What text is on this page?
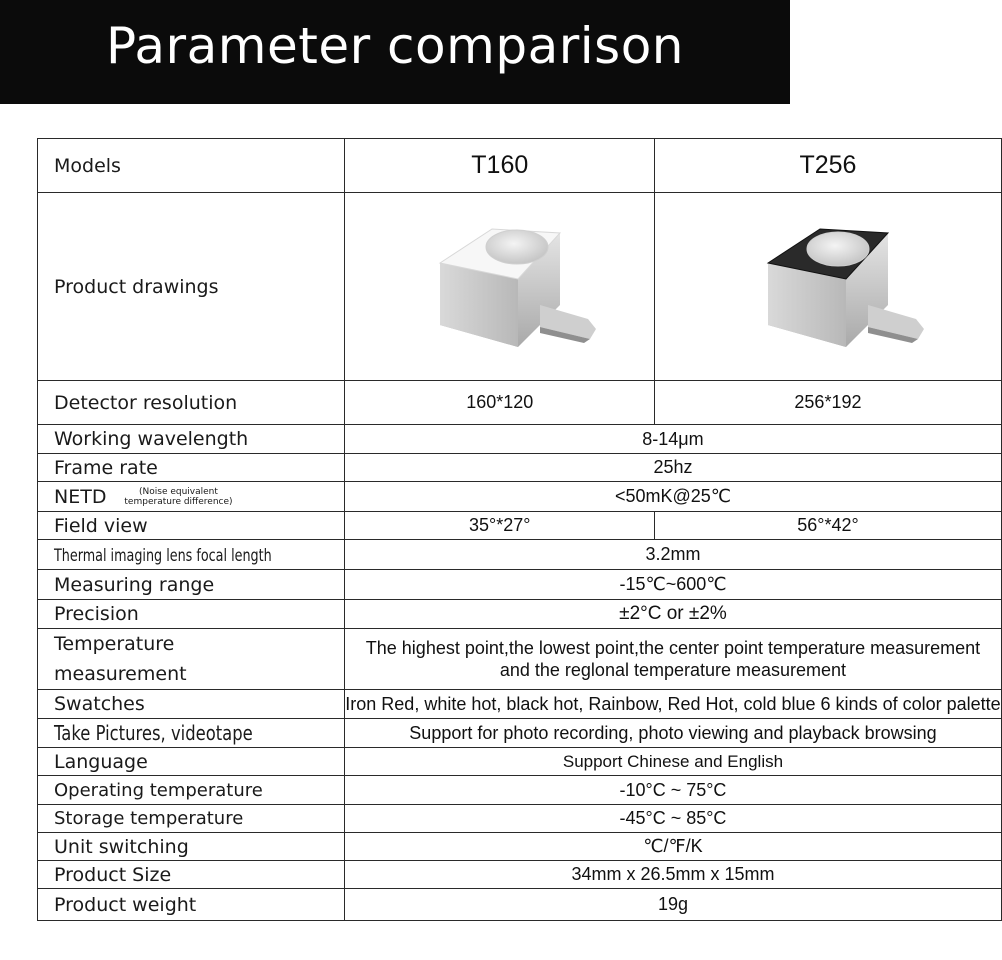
Parameter comparison
Models	T160	T256
Product drawings	

Detector resolution	160*120	256*192
Working wavelength	8-14μm	
Frame rate	25hz	
NETD (Noise equivalent temperature difference)	<50mK@25℃	
Field view	35°*27°	56°*42°
Thermal imaging lens focal length	3.2mm	
Measuring range	-15℃~600℃	
Precision	±2°C or ±2%	
Temperature measurement	The highest point,the lowest point,the center point temperature measurement and the reglonal temperature measurement	
Swatches	Iron Red, white hot, black hot, Rainbow, Red Hot, cold blue 6 kinds of color palette	
Take Pictures, videotape	Support for photo recording, photo viewing and playback browsing	
Language	Support Chinese and English	
Operating temperature	-10°C ~ 75°C	
Storage temperature	-45°C ~ 85°C	
Unit switching	℃/℉/K	
Product Size	34mm x 26.5mm x 15mm	
Product weight	19g	
